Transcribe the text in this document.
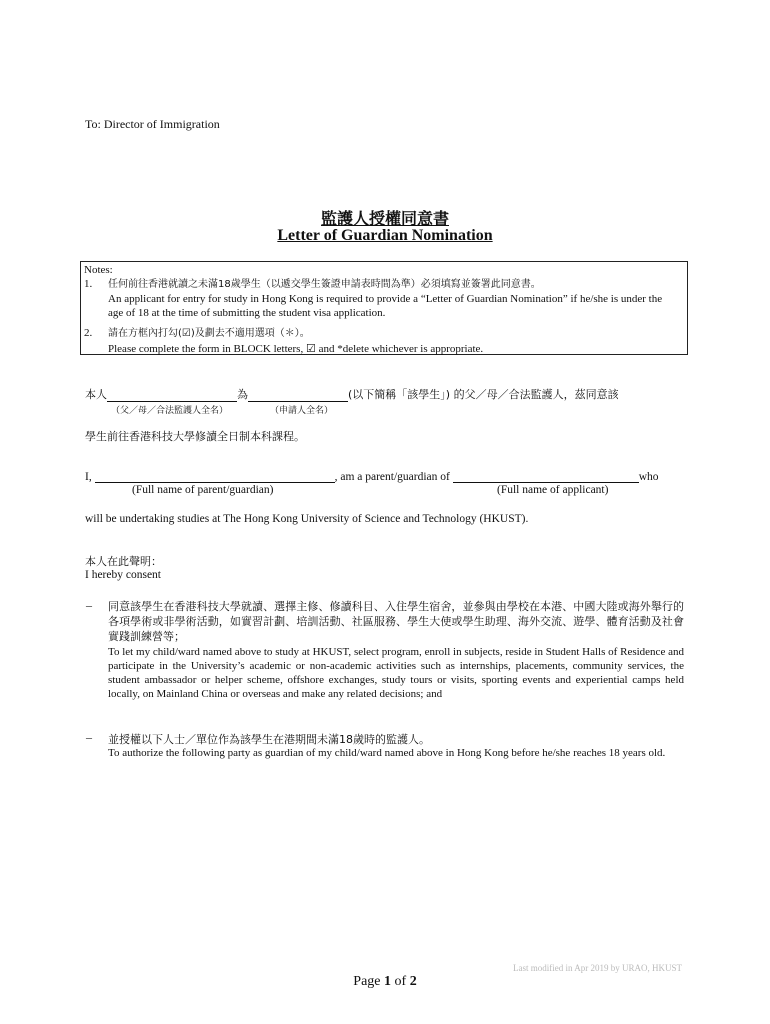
To: Director of Immigration
監護人授權同意書
Letter of Guardian Nomination
Notes:
1. 任何前往香港就讀之未滿18歲學生（以遞交學生簽證申請表時間為準）必須填寫並簽署此同意書。
An applicant for entry for study in Hong Kong is required to provide a “Letter of Guardian Nomination” if he/she is under the age of 18 at the time of submitting the student visa application.
2. 請在方框內打勾(☑)及劃去不適用選項（＊）。
Please complete the form in BLOCK letters, ☑ and *delete whichever is appropriate.
本人	為	(以下簡稱「該學生」) 的父／母／合法監護人，茲同意該
（父／母／合法監護人全名）	（申請人全名）
學生前往香港科技大學修讀全日制本科課程。
I,	, am a parent/guardian of	who
(Full name of parent/guardian)	(Full name of applicant)
will be undertaking studies at The Hong Kong University of Science and Technology (HKUST).
本人在此聲明：
I hereby consent
– 同意該學生在香港科技大學就讀、選擇主修、修讀科目、入住學生宿舍，並參與由學校在本港、中國大陸或海外舉行的各項學術或非學術活動，如實習計劃、培訓活動、社區服務、學生大使或學生助理、海外交流、遊學、體育活動及社會實踐訓練營等；
To let my child/ward named above to study at HKUST, select program, enroll in subjects, reside in Student Halls of Residence and participate in the University’s academic or non-academic activities such as internships, placements, community services, the student ambassador or helper scheme, offshore exchanges, study tours or visits, sporting events and experiential camps held locally, on Mainland China or overseas and make any related decisions; and
– 並授權以下人士／單位作為該學生在港期間未滿18歲時的監護人。
To authorize the following party as guardian of my child/ward named above in Hong Kong before he/she reaches 18 years old.
Last modified in Apr 2019 by URAO, HKUST
Page 1 of 2
